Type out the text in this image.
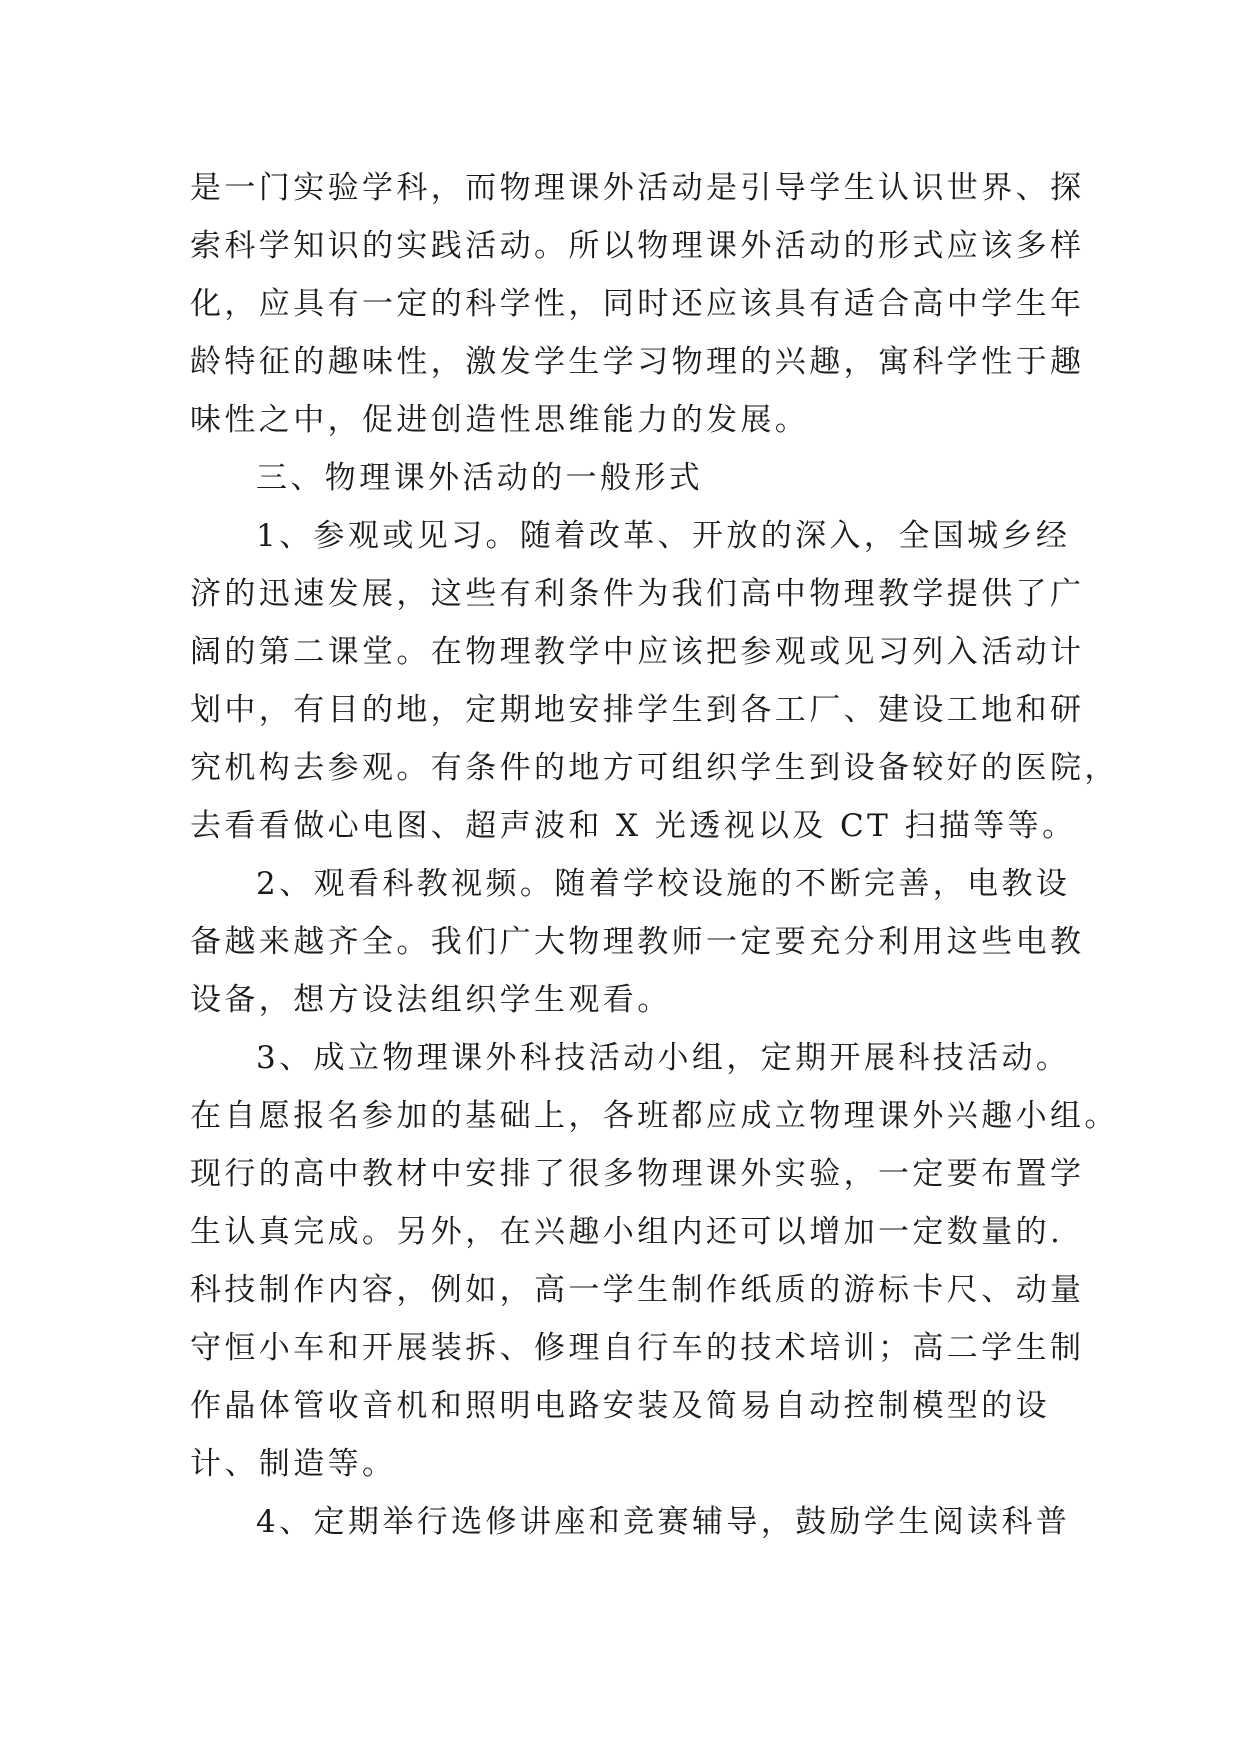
是一门实验学科，而物理课外活动是引导学生认识世界、探
索科学知识的实践活动。所以物理课外活动的形式应该多样
化，应具有一定的科学性，同时还应该具有适合高中学生年
龄特征的趣味性，激发学生学习物理的兴趣，寓科学性于趣
味性之中，促进创造性思维能力的发展。
三、物理课外活动的一般形式
1、参观或见习。随着改革、开放的深入，全国城乡经
济的迅速发展，这些有利条件为我们高中物理教学提供了广
阔的第二课堂。在物理教学中应该把参观或见习列入活动计
划中，有目的地，定期地安排学生到各工厂、建设工地和研
究机构去参观。有条件的地方可组织学生到设备较好的医院，
去看看做心电图、超声波和 X 光透视以及 CT 扫描等等。
2、观看科教视频。随着学校设施的不断完善，电教设
备越来越齐全。我们广大物理教师一定要充分利用这些电教
设备，想方设法组织学生观看。
3、成立物理课外科技活动小组，定期开展科技活动。
在自愿报名参加的基础上，各班都应成立物理课外兴趣小组。
现行的高中教材中安排了很多物理课外实验，一定要布置学
生认真完成。另外，在兴趣小组内还可以增加一定数量的.
科技制作内容，例如，高一学生制作纸质的游标卡尺、动量
守恒小车和开展装拆、修理自行车的技术培训；高二学生制
作晶体管收音机和照明电路安装及简易自动控制模型的设
计、制造等。
4、定期举行选修讲座和竞赛辅导，鼓励学生阅读科普
